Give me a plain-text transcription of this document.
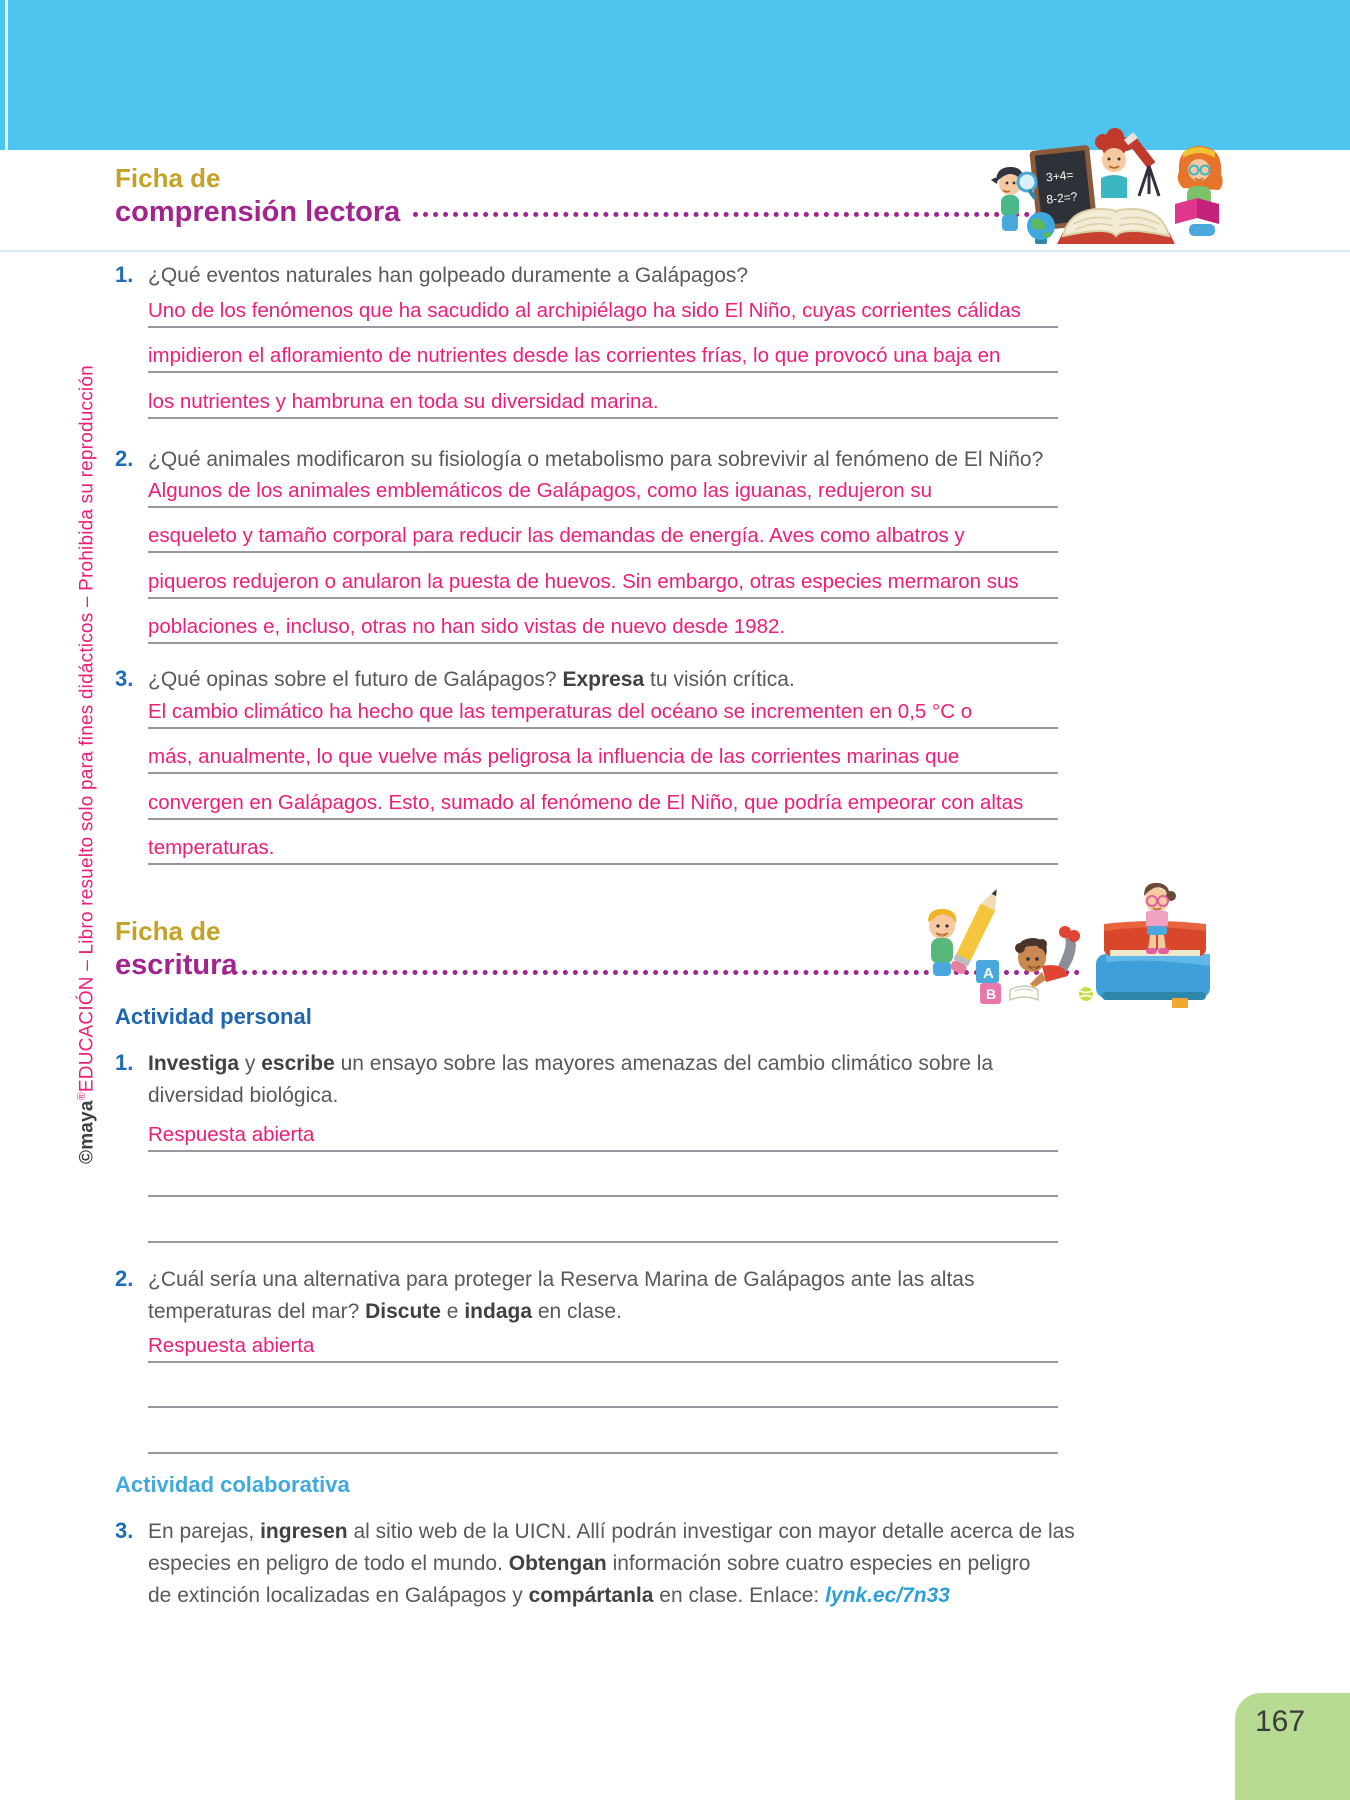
©maya®EDUCACIÓN – Libro resuelto solo para fines didácticos – Prohibida su reproducción
Ficha de
comprensión lectora
3+4=
8-2=?
1. ¿Qué eventos naturales han golpeado duramente a Galápagos?
Uno de los fenómenos que ha sacudido al archipiélago ha sido El Niño, cuyas corrientes cálidas
impidieron el afloramiento de nutrientes desde las corrientes frías, lo que provocó una baja en
los nutrientes y hambruna en toda su diversidad marina.
2. ¿Qué animales modificaron su fisiología o metabolismo para sobrevivir al fenómeno de El Niño?
Algunos de los animales emblemáticos de Galápagos, como las iguanas, redujeron su
esqueleto y tamaño corporal para reducir las demandas de energía. Aves como albatros y
piqueros redujeron o anularon la puesta de huevos. Sin embargo, otras especies mermaron sus
poblaciones e, incluso, otras no han sido vistas de nuevo desde 1982.
3. ¿Qué opinas sobre el futuro de Galápagos? Expresa tu visión crítica.
El cambio climático ha hecho que las temperaturas del océano se incrementen en 0,5 °C o
más, anualmente, lo que vuelve más peligrosa la influencia de las corrientes marinas que
convergen en Galápagos. Esto, sumado al fenómeno de El Niño, que podría empeorar con altas
temperaturas.
Ficha de
escritura	A
B
Actividad personal
1. Investiga y escribe un ensayo sobre las mayores amenazas del cambio climático sobre la
diversidad biológica.
Respuesta abierta
2. ¿Cuál sería una alternativa para proteger la Reserva Marina de Galápagos ante las altas
temperaturas del mar? Discute e indaga en clase.
Respuesta abierta
Actividad colaborativa
3. En parejas, ingresen al sitio web de la UICN. Allí podrán investigar con mayor detalle acerca de las
especies en peligro de todo el mundo. Obtengan información sobre cuatro especies en peligro
de extinción localizadas en Galápagos y compártanla en clase. Enlace: lynk.ec/7n33
167
